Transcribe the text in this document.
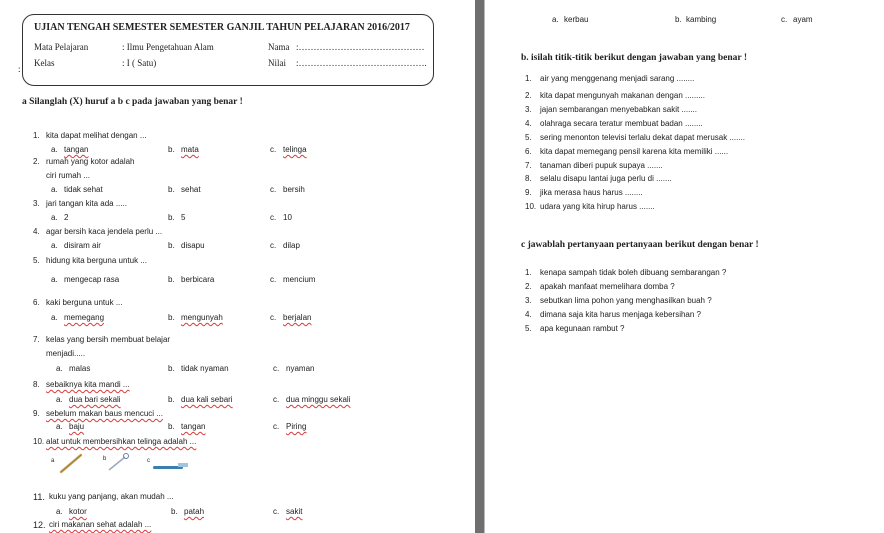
UJIAN TENGAH SEMESTER SEMESTER GANJIL TAHUN PELAJARAN 2016/2017
Mata Pelajaran	: Ilmu Pengetahuan Alam	Nama :……………………………………
Kelas	: I ( Satu)	Nilai :…………………………………….
:
a Silanglah (X) huruf a b c pada jawaban yang benar !
1. kita dapat melihat dengan ...
a. tangan	b. mata	c. telinga
2. rumah yang kotor adalah
ciri rumah ...
a. tidak sehat	b. sehat	c. bersih
3. jari tangan kita ada .....
a. 2	b. 5	c. 10
4. agar bersih kaca jendela perlu ...
a. disiram air	b. disapu	c. dilap
5. hidung kita berguna untuk ...
a. mengecap rasa	b. berbicara	c. mencium
6. kaki berguna untuk ...
a. memegang	b. mengunyah	c. berjalan
7. kelas yang bersih membuat belajar
menjadi.....
a. malas	b. tidak nyaman	c. nyaman
8. sebaiknya kita mandi ...
a. dua bari sekali	b. dua kali sebari	c. dua minggu sekali
9. sebelum makan baus mencuci ...
a. baju	b. tangan	c. Piring
10. alat untuk membersihkan telinga adalah ...
a	b	c
11. kuku yang panjang, akan mudah ...
a. kotor	b. patah	c. sakit
12. ciri makanan sehat adalah ...
a. kerbau	b. kambing	c. ayam
b. isilah titik-titik berikut dengan jawaban yang benar !
1. air yang menggenang menjadi sarang ........
2. kita dapat mengunyah makanan dengan .........
3. jajan sembarangan menyebabkan sakit .......
4. olahraga secara teratur membuat badan ........
5. sering menonton televisi terlalu dekat dapat merusak .......
6. kita dapat memegang pensil karena kita memiliki ......
7. tanaman diberi pupuk supaya .......
8. selalu disapu lantai juga perlu di .......
9. jika merasa haus harus ........
10. udara yang kita hirup harus .......
c jawablah pertanyaan pertanyaan berikut dengan benar !
1. kenapa sampah tidak boleh dibuang sembarangan ?
2. apakah manfaat memelihara domba ?
3. sebutkan lima pohon yang menghasilkan buah ?
4. dimana saja kita harus menjaga kebersihan ?
5. apa kegunaan rambut ?
